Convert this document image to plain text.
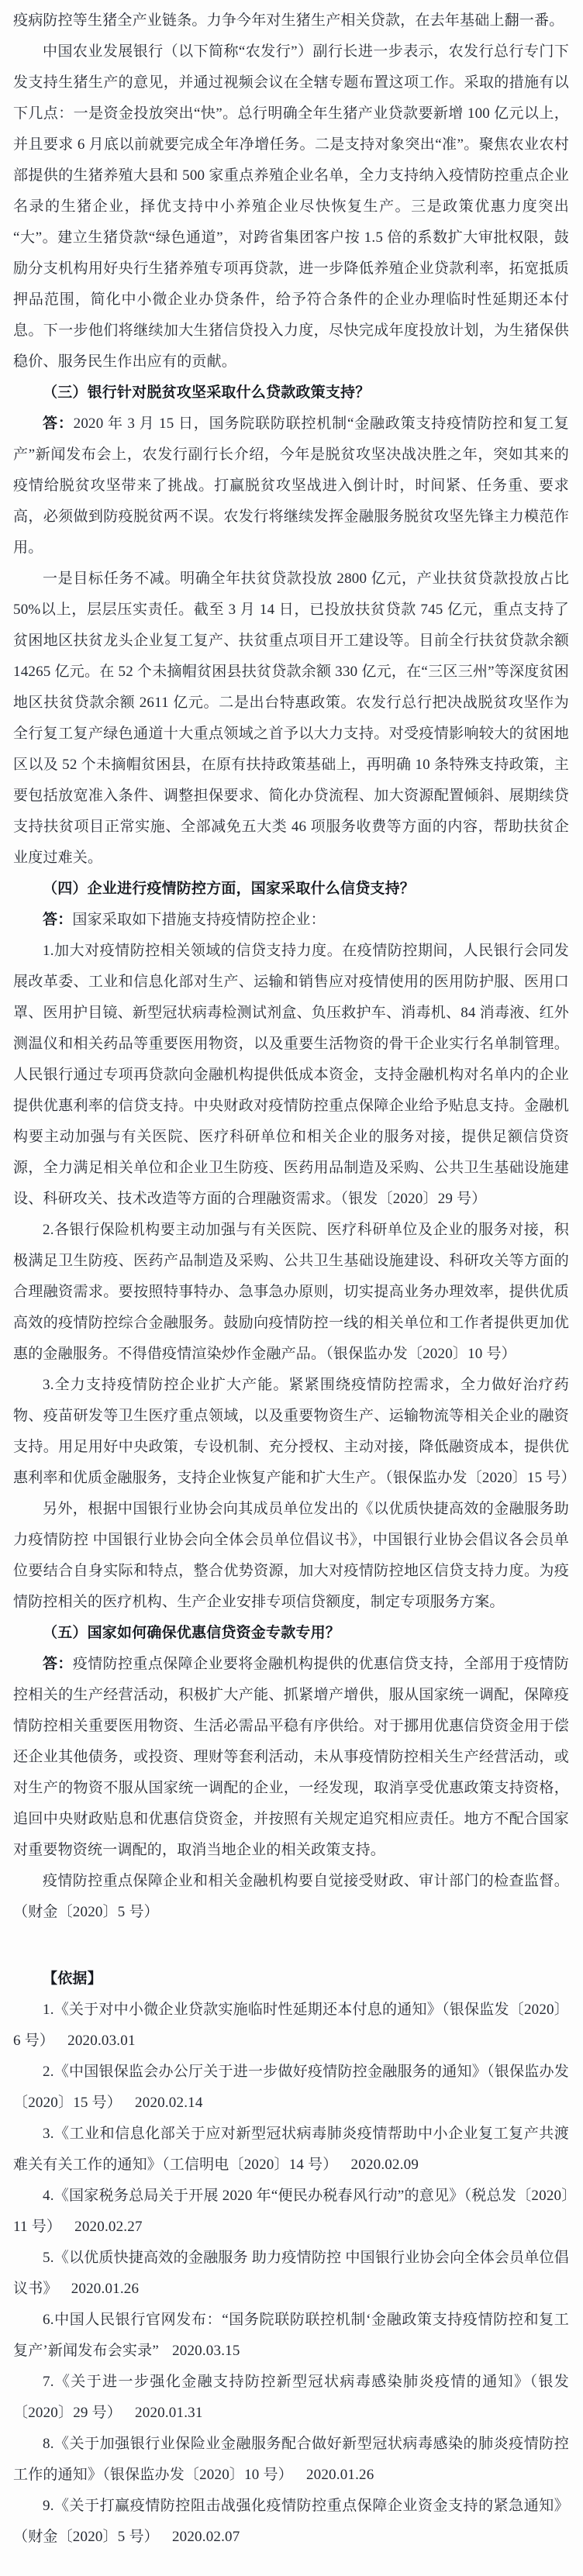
疫病防控等生猪全产业链条。力争今年对生猪生产相关贷款，在去年基础上翻一番。

中国农业发展银行（以下简称“农发行”）副行长进一步表示，农发行总行专门下发支持生猪生产的意见，并通过视频会议在全辖专题布置这项工作。采取的措施有以下几点：一是资金投放突出“快”。总行明确全年生猪产业贷款要新增 100 亿元以上，并且要求 6 月底以前就要完成全年净增任务。二是支持对象突出“准”。聚焦农业农村部提供的生猪养殖大县和 500 家重点养殖企业名单，全力支持纳入疫情防控重点企业名录的生猪企业，择优支持中小养殖企业尽快恢复生产。三是政策优惠力度突出“大”。建立生猪贷款“绿色通道”，对跨省集团客户按 1.5 倍的系数扩大审批权限，鼓励分支机构用好央行生猪养殖专项再贷款，进一步降低养殖企业贷款利率，拓宽抵质押品范围，简化中小微企业办贷条件，给予符合条件的企业办理临时性延期还本付息。下一步他们将继续加大生猪信贷投入力度，尽快完成年度投放计划，为生猪保供稳价、服务民生作出应有的贡献。

（三）银行针对脱贫攻坚采取什么贷款政策支持？

答：2020 年 3 月 15 日，国务院联防联控机制“金融政策支持疫情防控和复工复产”新闻发布会上，农发行副行长介绍，今年是脱贫攻坚决战决胜之年，突如其来的疫情给脱贫攻坚带来了挑战。打赢脱贫攻坚战进入倒计时，时间紧、任务重、要求高，必须做到防疫脱贫两不误。农发行将继续发挥金融服务脱贫攻坚先锋主力模范作用。

一是目标任务不减。明确全年扶贫贷款投放 2800 亿元，产业扶贫贷款投放占比50%以上，层层压实责任。截至 3 月 14 日，已投放扶贫贷款 745 亿元，重点支持了贫困地区扶贫龙头企业复工复产、扶贫重点项目开工建设等。目前全行扶贫贷款余额 14265 亿元。在 52 个未摘帽贫困县扶贫贷款余额 330 亿元，在“三区三州”等深度贫困地区扶贫贷款余额 2611 亿元。二是出台特惠政策。农发行总行把决战脱贫攻坚作为全行复工复产绿色通道十大重点领域之首予以大力支持。对受疫情影响较大的贫困地区以及 52 个未摘帽贫困县，在原有扶持政策基础上，再明确 10 条特殊支持政策，主要包括放宽准入条件、调整担保要求、简化办贷流程、加大资源配置倾斜、展期续贷支持扶贫项目正常实施、全部减免五大类 46 项服务收费等方面的内容，帮助扶贫企业度过难关。

（四）企业进行疫情防控方面，国家采取什么信贷支持？

答：国家采取如下措施支持疫情防控企业：

1.加大对疫情防控相关领域的信贷支持力度。在疫情防控期间，人民银行会同发展改革委、工业和信息化部对生产、运输和销售应对疫情使用的医用防护服、医用口罩、医用护目镜、新型冠状病毒检测试剂盒、负压救护车、消毒机、84 消毒液、红外测温仪和相关药品等重要医用物资，以及重要生活物资的骨干企业实行名单制管理。人民银行通过专项再贷款向金融机构提供低成本资金，支持金融机构对名单内的企业提供优惠利率的信贷支持。中央财政对疫情防控重点保障企业给予贴息支持。金融机构要主动加强与有关医院、医疗科研单位和相关企业的服务对接，提供足额信贷资源，全力满足相关单位和企业卫生防疫、医药用品制造及采购、公共卫生基础设施建设、科研攻关、技术改造等方面的合理融资需求。（银发〔2020〕29 号）

2.各银行保险机构要主动加强与有关医院、医疗科研单位及企业的服务对接，积极满足卫生防疫、医药产品制造及采购、公共卫生基础设施建设、科研攻关等方面的合理融资需求。要按照特事特办、急事急办原则，切实提高业务办理效率，提供优质高效的疫情防控综合金融服务。鼓励向疫情防控一线的相关单位和工作者提供更加优惠的金融服务。不得借疫情渲染炒作金融产品。（银保监办发〔2020〕10 号）

3.全力支持疫情防控企业扩大产能。紧紧围绕疫情防控需求，全力做好治疗药物、疫苗研发等卫生医疗重点领域，以及重要物资生产、运输物流等相关企业的融资支持。用足用好中央政策，专设机制、充分授权、主动对接，降低融资成本，提供优惠利率和优质金融服务，支持企业恢复产能和扩大生产。（银保监办发〔2020〕15 号）

另外，根据中国银行业协会向其成员单位发出的《以优质快捷高效的金融服务助力疫情防控 中国银行业协会向全体会员单位倡议书》，中国银行业协会倡议各会员单位要结合自身实际和特点，整合优势资源，加大对疫情防控地区信贷支持力度。为疫情防控相关的医疗机构、生产企业安排专项信贷额度，制定专项服务方案。

（五）国家如何确保优惠信贷资金专款专用？

答：疫情防控重点保障企业要将金融机构提供的优惠信贷支持，全部用于疫情防控相关的生产经营活动，积极扩大产能、抓紧增产增供，服从国家统一调配，保障疫情防控相关重要医用物资、生活必需品平稳有序供给。对于挪用优惠信贷资金用于偿还企业其他债务，或投资、理财等套利活动，未从事疫情防控相关生产经营活动，或对生产的物资不服从国家统一调配的企业，一经发现，取消享受优惠政策支持资格，追回中央财政贴息和优惠信贷资金，并按照有关规定追究相应责任。地方不配合国家对重要物资统一调配的，取消当地企业的相关政策支持。

疫情防控重点保障企业和相关金融机构要自觉接受财政、审计部门的检查监督。（财金〔2020〕5 号）

【依据】

1.《关于对中小微企业贷款实施临时性延期还本付息的通知》（银保监发〔2020〕6 号） 2020.03.01

2.《中国银保监会办公厅关于进一步做好疫情防控金融服务的通知》（银保监办发〔2020〕15 号） 2020.02.14

3.《工业和信息化部关于应对新型冠状病毒肺炎疫情帮助中小企业复工复产共渡难关有关工作的通知》（工信明电〔2020〕14 号） 2020.02.09

4.《国家税务总局关于开展 2020 年“便民办税春风行动”的意见》（税总发〔2020〕11 号） 2020.02.27

5.《以优质快捷高效的金融服务 助力疫情防控 中国银行业协会向全体会员单位倡议书》 2020.01.26

6.中国人民银行官网发布：“国务院联防联控机制‘金融政策支持疫情防控和复工复产’新闻发布会实录” 2020.03.15

7.《关于进一步强化金融支持防控新型冠状病毒感染肺炎疫情的通知》（银发〔2020〕29 号） 2020.01.31

8.《关于加强银行业保险业金融服务配合做好新型冠状病毒感染的肺炎疫情防控工作的通知》（银保监办发〔2020〕10 号） 2020.01.26

9.《关于打赢疫情防控阻击战强化疫情防控重点保障企业资金支持的紧急通知》（财金〔2020〕5 号） 2020.02.07
